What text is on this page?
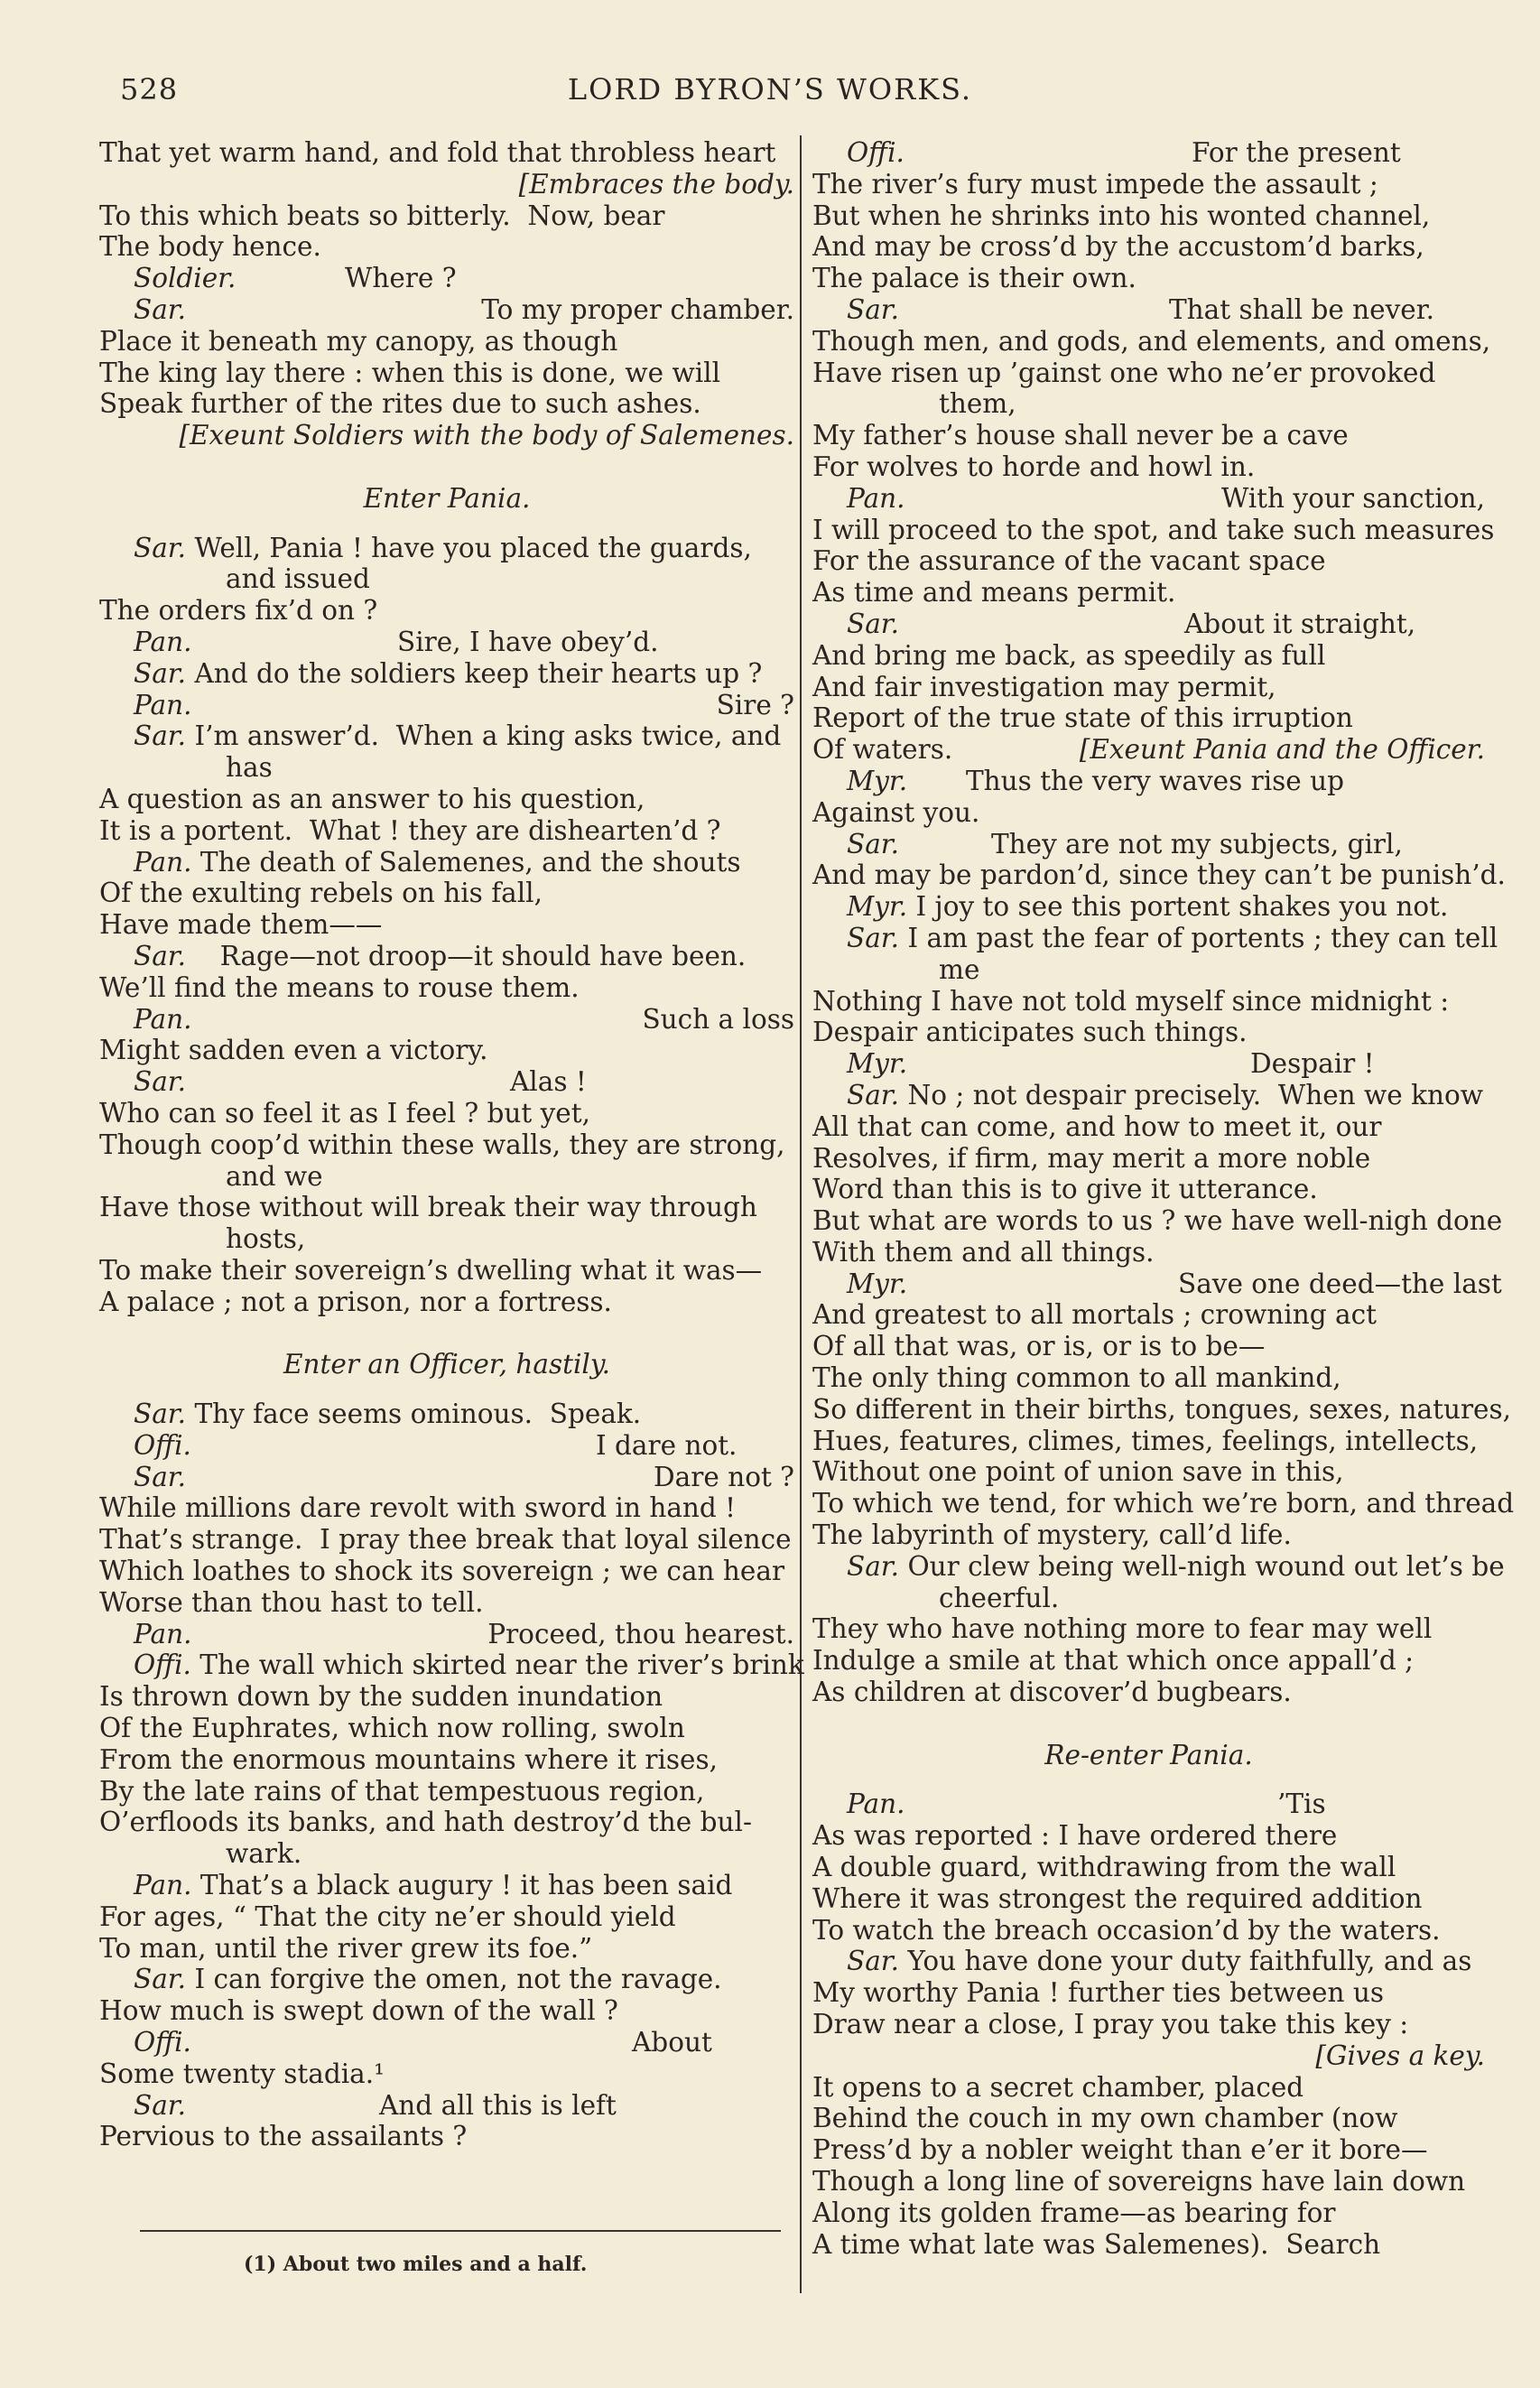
528	LORD BYRON’S WORKS.
That yet warm hand, and fold that throbless heart
[Embraces the body.
To this which beats so bitterly.  Now, bear
The body hence.
Soldier.	Where ?
Sar.	To my proper chamber.
Place it beneath my canopy, as though
The king lay there : when this is done, we will
Speak further of the rites due to such ashes.
[Exeunt Soldiers with the body of Salemenes.
Enter Pania.
Sar. Well, Pania ! have you placed the guards,
and issued
The orders fix’d on ?
Pan.	Sire, I have obey’d.
Sar. And do the soldiers keep their hearts up ?
Pan.	Sire ?
Sar. I’m answer’d.  When a king asks twice, and
has
A question as an answer to his question,
It is a portent.  What ! they are dishearten’d ?
Pan. The death of Salemenes, and the shouts
Of the exulting rebels on his fall,
Have made them——
Sar. Rage—not droop—it should have been.
We’ll find the means to rouse them.
Pan.	Such a loss
Might sadden even a victory.
Sar.	Alas !
Who can so feel it as I feel ? but yet,
Though coop’d within these walls, they are strong,
and we
Have those without will break their way through
hosts,
To make their sovereign’s dwelling what it was—
A palace ; not a prison, nor a fortress.
Enter an Officer, hastily.
Sar. Thy face seems ominous.  Speak.
Offi.	I dare not.
Sar.	Dare not ?
While millions dare revolt with sword in hand !
That’s strange.  I pray thee break that loyal silence
Which loathes to shock its sovereign ; we can hear
Worse than thou hast to tell.
Pan.	Proceed, thou hearest.
Offi. The wall which skirted near the river’s brink
Is thrown down by the sudden inundation
Of the Euphrates, which now rolling, swoln
From the enormous mountains where it rises,
By the late rains of that tempestuous region,
O’erfloods its banks, and hath destroy’d the bul-
wark.
Pan. That’s a black augury ! it has been said
For ages, “ That the city ne’er should yield
To man, until the river grew its foe.”
Sar. I can forgive the omen, not the ravage.
How much is swept down of the wall ?
Offi.	About
Some twenty stadia.¹
Sar.	And all this is left
Pervious to the assailants ?
Offi.	For the present
The river’s fury must impede the assault ;
But when he shrinks into his wonted channel,
And may be cross’d by the accustom’d barks,
The palace is their own.
Sar.	That shall be never.
Though men, and gods, and elements, and omens,
Have risen up ’gainst one who ne’er provoked
them,
My father’s house shall never be a cave
For wolves to horde and howl in.
Pan.	With your sanction,
I will proceed to the spot, and take such measures
For the assurance of the vacant space
As time and means permit.
Sar.	About it straight,
And bring me back, as speedily as full
And fair investigation may permit,
Report of the true state of this irruption
Of waters.	[Exeunt Pania and the Officer.
Myr. Thus the very waves rise up
Against you.
Sar.	They are not my subjects, girl,
And may be pardon’d, since they can’t be punish’d.
Myr. I joy to see this portent shakes you not.
Sar. I am past the fear of portents ; they can tell
me
Nothing I have not told myself since midnight :
Despair anticipates such things.
Myr.	Despair !
Sar. No ; not despair precisely.  When we know
All that can come, and how to meet it, our
Resolves, if firm, may merit a more noble
Word than this is to give it utterance.
But what are words to us ? we have well-nigh done
With them and all things.
Myr.	Save one deed—the last
And greatest to all mortals ; crowning act
Of all that was, or is, or is to be—
The only thing common to all mankind,
So different in their births, tongues, sexes, natures,
Hues, features, climes, times, feelings, intellects,
Without one point of union save in this,
To which we tend, for which we’re born, and thread
The labyrinth of mystery, call’d life.
Sar. Our clew being well-nigh wound out let’s be
cheerful.
They who have nothing more to fear may well
Indulge a smile at that which once appall’d ;
As children at discover’d bugbears.
Re-enter Pania.
Pan.	’Tis
As was reported : I have ordered there
A double guard, withdrawing from the wall
Where it was strongest the required addition
To watch the breach occasion’d by the waters.
Sar. You have done your duty faithfully, and as
My worthy Pania ! further ties between us
Draw near a close, I pray you take this key :
[Gives a key.
It opens to a secret chamber, placed
Behind the couch in my own chamber (now
Press’d by a nobler weight than e’er it bore—
Though a long line of sovereigns have lain down
Along its golden frame—as bearing for
A time what late was Salemenes).  Search
(1) About two miles and a half.
